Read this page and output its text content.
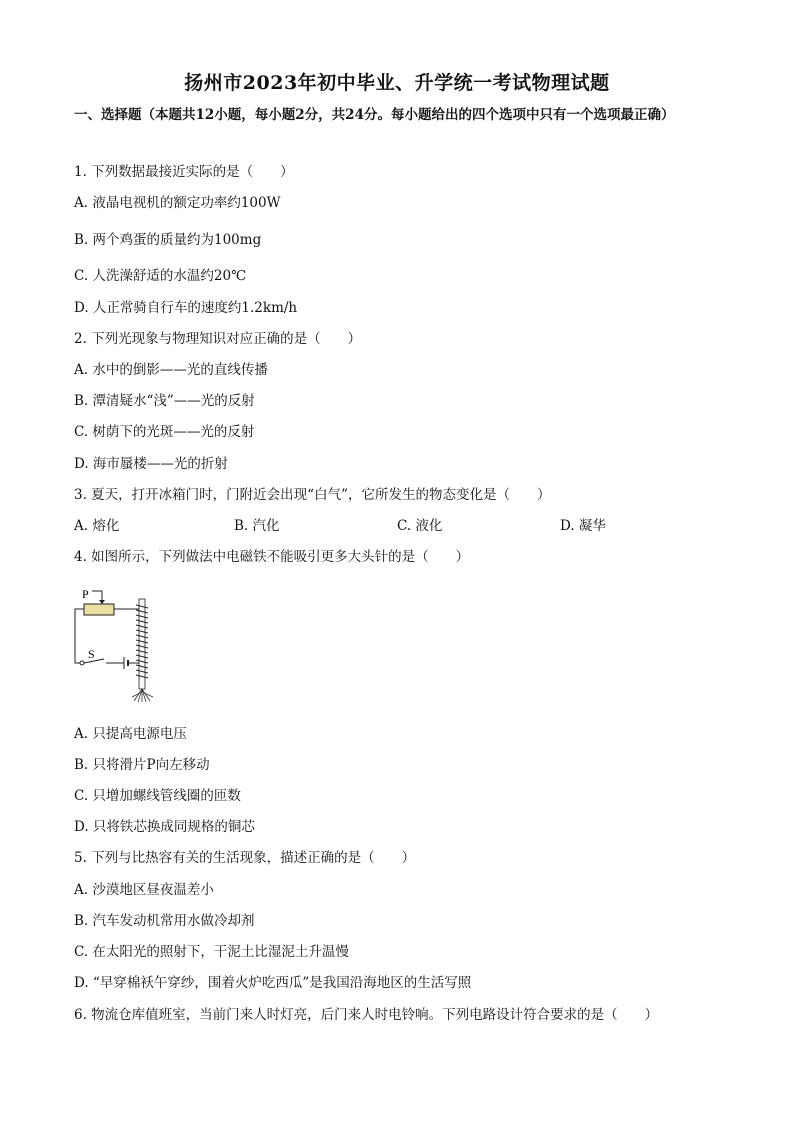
扬州市2023年初中毕业、升学统一考试物理试题
一、选择题（本题共12小题，每小题2分，共24分。每小题给出的四个选项中只有一个选项最正确）
1. 下列数据最接近实际的是（　　）
A. 液晶电视机的额定功率约100W
B. 两个鸡蛋的质量约为100mg
C. 人洗澡舒适的水温约20℃
D. 人正常骑自行车的速度约1.2km/h
2. 下列光现象与物理知识对应正确的是（　　）
A. 水中的倒影——光的直线传播
B. 潭清疑水“浅”——光的反射
C. 树荫下的光斑——光的反射
D. 海市蜃楼——光的折射
3. 夏天，打开冰箱门时，门附近会出现“白气”，它所发生的物态变化是（　　）
A. 熔化	B. 汽化	C. 液化	D. 凝华
4. 如图所示，下列做法中电磁铁不能吸引更多大头针的是（　　）
P
S
A. 只提高电源电压
B. 只将滑片P向左移动
C. 只增加螺线管线圈的匝数
D. 只将铁芯换成同规格的铜芯
5. 下列与比热容有关的生活现象，描述正确的是（　　）
A. 沙漠地区昼夜温差小
B. 汽车发动机常用水做冷却剂
C. 在太阳光的照射下，干泥土比湿泥土升温慢
D. “早穿棉袄午穿纱，围着火炉吃西瓜”是我国沿海地区的生活写照
6. 物流仓库值班室，当前门来人时灯亮，后门来人时电铃响。下列电路设计符合要求的是（　　）
